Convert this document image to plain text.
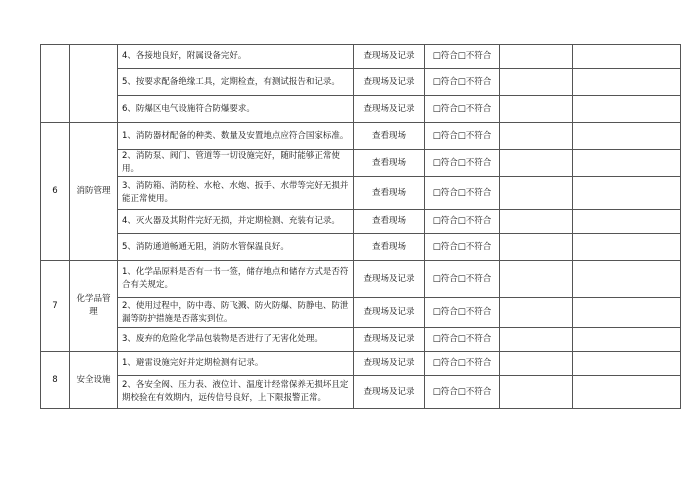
		4、各接地良好，附属设备完好。	查现场及记录	□符合□不符合		
		5、按要求配备绝缘工具，定期检查，有测试报告和记录。	查现场及记录	□符合□不符合		
		6、防爆区电气设施符合防爆要求。	查现场及记录	□符合□不符合		
6	消防管理	1、消防器材配备的种类、数量及安置地点应符合国家标准。	查看现场	□符合□不符合		
		2、消防泵、阀门、管道等一切设施完好，随时能够正常使用。	查看现场	□符合□不符合		
		3、消防箱、消防栓、水枪、水炮、扳手、水带等完好无损并能正常使用。	查看现场	□符合□不符合		
		4、灭火器及其附件完好无损，并定期检测、充装有记录。	查看现场	□符合□不符合		
		5、消防通道畅通无阻，消防水管保温良好。	查看现场	□符合□不符合		
7	化学品管理	1、化学品原料是否有一书一签，储存地点和储存方式是否符合有关规定。	查现场及记录	□符合□不符合		
		2、使用过程中，防中毒、防飞溅、防火防爆、防静电、防泄漏等防护措施是否落实到位。	查现场及记录	□符合□不符合		
		3、废弃的危险化学品包装物是否进行了无害化处理。	查现场及记录	□符合□不符合		
8	安全设施	1、避雷设施完好并定期检测有记录。	查现场及记录	□符合□不符合		
		2、各安全阀、压力表、液位计、温度计经常保养无损坏且定期校验在有效期内，远传信号良好，上下限报警正常。	查现场及记录	□符合□不符合		
